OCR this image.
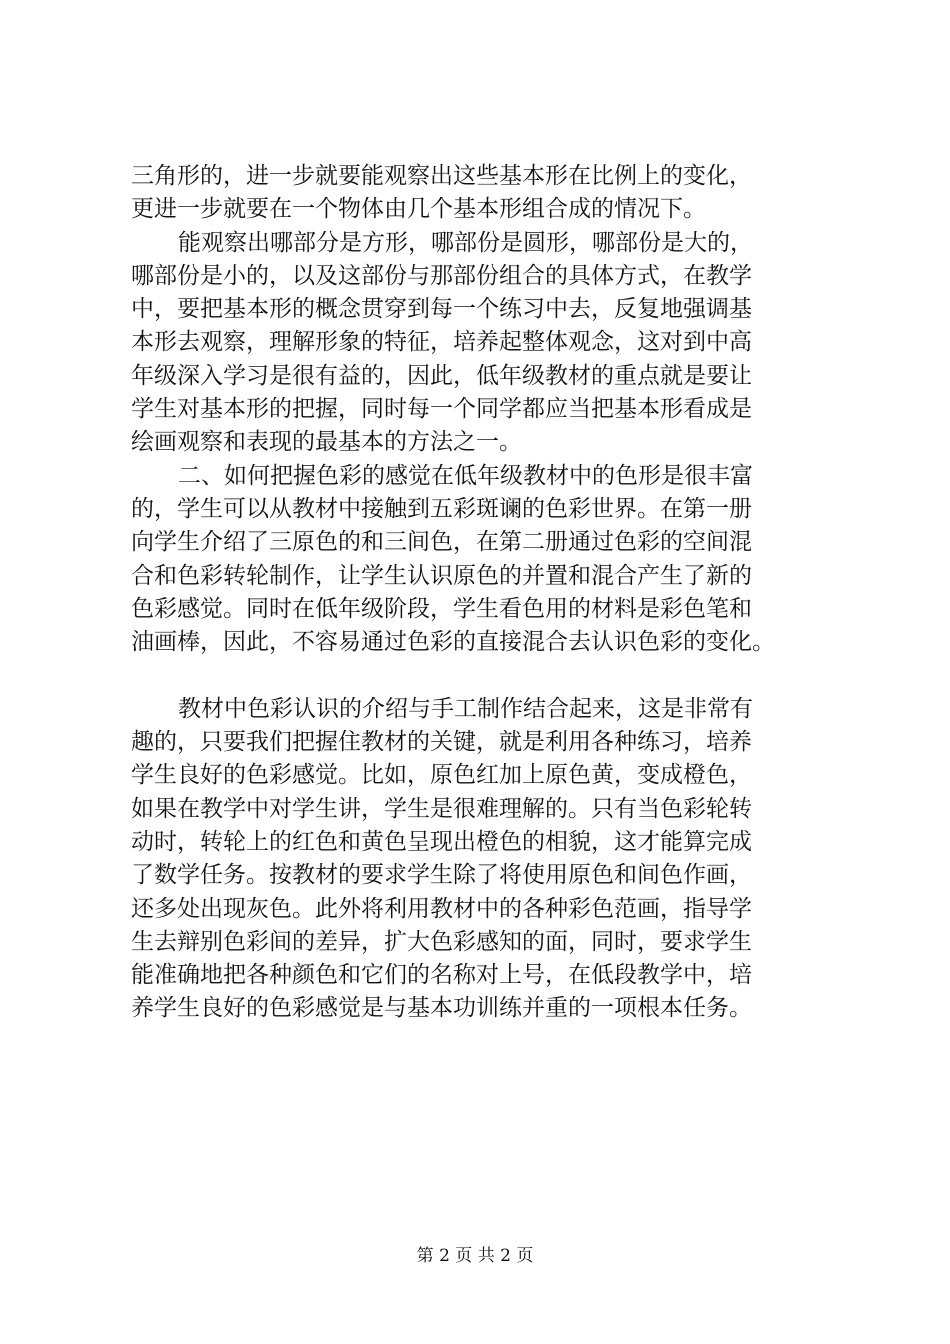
三角形的，进一步就要能观察出这些基本形在比例上的变化，
更进一步就要在一个物体由几个基本形组合成的情况下。
能观察出哪部分是方形，哪部份是圆形，哪部份是大的，
哪部份是小的，以及这部份与那部份组合的具体方式，在教学
中，要把基本形的概念贯穿到每一个练习中去，反复地强调基
本形去观察，理解形象的特征，培养起整体观念，这对到中高
年级深入学习是很有益的，因此，低年级教材的重点就是要让
学生对基本形的把握，同时每一个同学都应当把基本形看成是
绘画观察和表现的最基本的方法之一。
二、如何把握色彩的感觉在低年级教材中的色形是很丰富
的，学生可以从教材中接触到五彩斑谰的色彩世界。在第一册
向学生介绍了三原色的和三间色，在第二册通过色彩的空间混
合和色彩转轮制作，让学生认识原色的并置和混合产生了新的
色彩感觉。同时在低年级阶段，学生看色用的材料是彩色笔和
油画棒，因此，不容易通过色彩的直接混合去认识色彩的变化。
教材中色彩认识的介绍与手工制作结合起来，这是非常有
趣的，只要我们把握住教材的关键，就是利用各种练习，培养
学生良好的色彩感觉。比如，原色红加上原色黄，变成橙色，
如果在教学中对学生讲，学生是很难理解的。只有当色彩轮转
动时，转轮上的红色和黄色呈现出橙色的相貌，这才能算完成
了数学任务。按教材的要求学生除了将使用原色和间色作画，
还多处出现灰色。此外将利用教材中的各种彩色范画，指导学
生去辩别色彩间的差异，扩大色彩感知的面，同时，要求学生
能准确地把各种颜色和它们的名称对上号，在低段教学中，培
养学生良好的色彩感觉是与基本功训练并重的一项根本任务。
第 2 页 共 2 页
